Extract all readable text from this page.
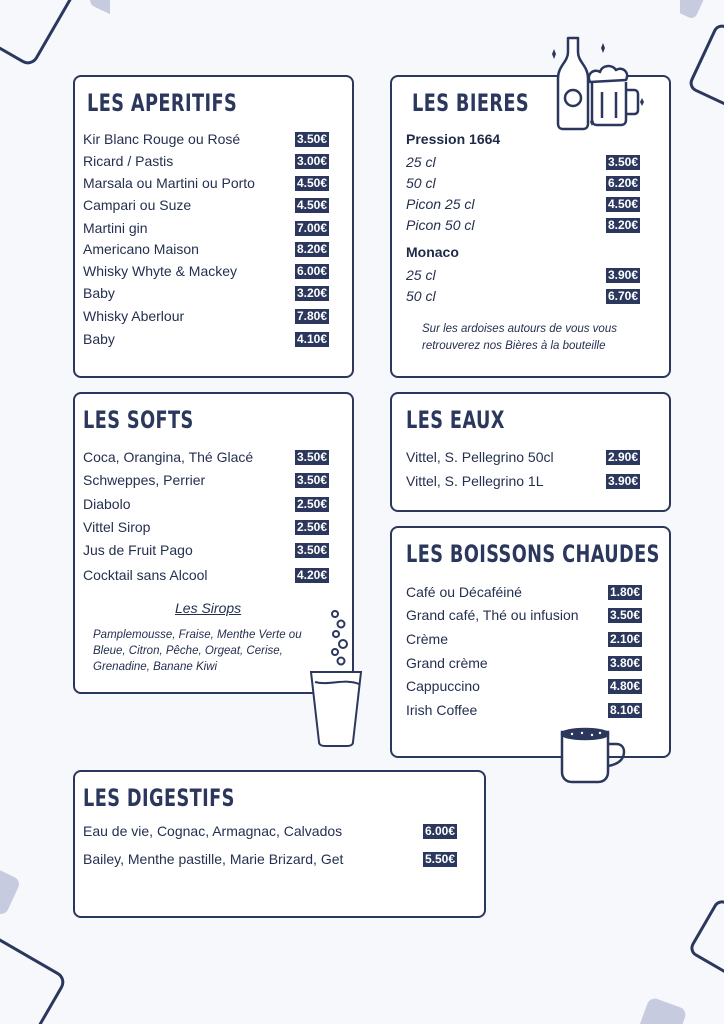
LES APERITIFS
Kir Blanc Rouge ou Rosé	3.50€
Ricard / Pastis	3.00€
Marsala ou Martini ou Porto	4.50€
Campari ou Suze	4.50€
Martini gin	7.00€
Americano Maison	8.20€
Whisky Whyte & Mackey	6.00€
Baby	3.20€
Whisky Aberlour	7.80€
Baby	4.10€
LES BIERES
Pression 1664
25 cl	3.50€
50 cl	6.20€
Picon 25 cl	4.50€
Picon 50 cl	8.20€
Monaco
25 cl	3.90€
50 cl	6.70€
Sur les ardoises autours de vous vous
retrouverez nos Bières à la bouteille
LES SOFTS
Coca, Orangina, Thé Glacé	3.50€
Schweppes, Perrier	3.50€
Diabolo	2.50€
Vittel Sirop	2.50€
Jus de Fruit Pago	3.50€
Cocktail sans Alcool	4.20€
Les Sirops
Pamplemousse, Fraise, Menthe Verte ou
Bleue, Citron, Pêche, Orgeat, Cerise,
Grenadine, Banane Kiwi
LES EAUX
Vittel, S. Pellegrino 50cl	2.90€
Vittel, S. Pellegrino 1L	3.90€
LES BOISSONS CHAUDES
Café ou Décaféiné	1.80€
Grand café, Thé ou infusion	3.50€
Crème	2.10€
Grand crème	3.80€
Cappuccino	4.80€
Irish Coffee	8.10€
LES DIGESTIFS
Eau de vie, Cognac, Armagnac, Calvados	6.00€
Bailey, Menthe pastille, Marie Brizard, Get	5.50€
